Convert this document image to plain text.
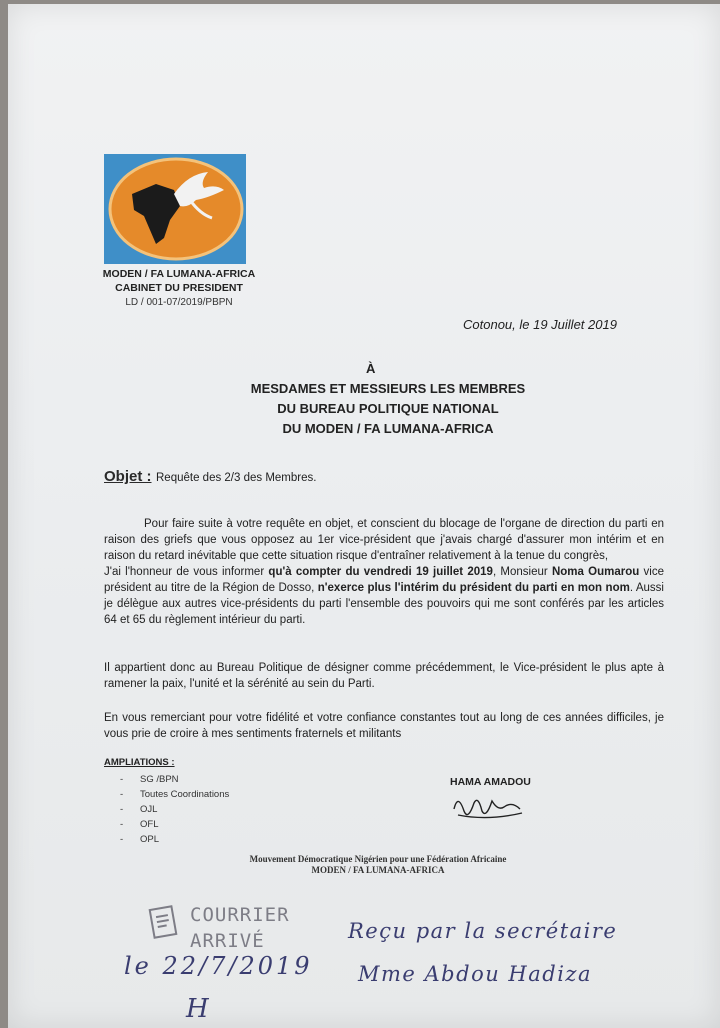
MODEN / FA LUMANA-AFRICA
CABINET DU PRESIDENT
LD / 001-07/2019/PBPN
Cotonou, le 19 Juillet 2019
À
MESDAMES ET MESSIEURS LES MEMBRES
DU BUREAU POLITIQUE NATIONAL
DU MODEN / FA LUMANA-AFRICA
Objet : Requête des 2/3 des Membres.
Pour faire suite à votre requête en objet, et conscient du blocage de l'organe de direction du parti en raison des griefs que vous opposez au 1er vice-président que j'avais chargé d'assurer mon intérim et en raison du retard inévitable que cette situation risque d'entraîner relativement à la tenue du congrès,
J'ai l'honneur de vous informer qu'à compter du vendredi 19 juillet 2019, Monsieur Noma Oumarou vice président au titre de la Région de Dosso, n'exerce plus l'intérim du président du parti en mon nom. Aussi je délègue aux autres vice-présidents du parti l'ensemble des pouvoirs qui me sont conférés par les articles 64 et 65 du règlement intérieur du parti.
Il appartient donc au Bureau Politique de désigner comme précédemment, le Vice-président le plus apte à ramener la paix, l'unité et la sérénité au sein du Parti.
En vous remerciant pour votre fidélité et votre confiance constantes tout au long de ces années difficiles, je vous prie de croire à mes sentiments fraternels et militants
AMPLIATIONS :
- SG /BPN
- Toutes Coordinations
- OJL
- OFL
- OPL
HAMA AMADOU
Mouvement Démocratique Nigérien pour une Fédération Africaine
MODEN / FA LUMANA-AFRICA
COURRIER
ARRIVÉ	Reçu par la secrétaire
Mme Abdou Hadiza
le 22/7/2019
H
